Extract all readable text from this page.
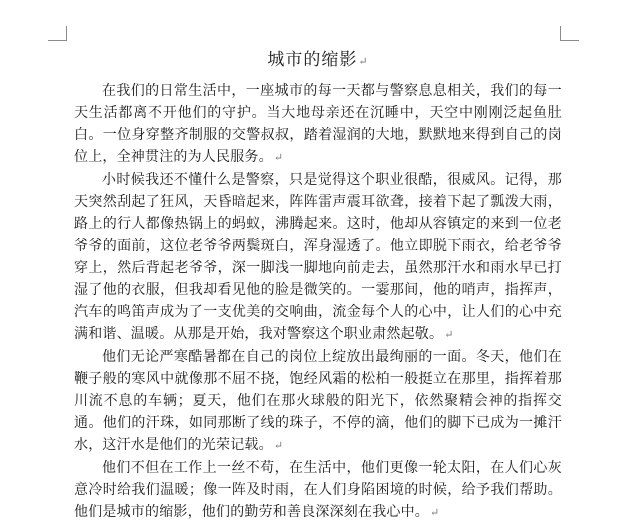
城市的缩影↵

在我们的日常生活中，一座城市的每一天都与警察息息相关，我们的每一天生活都离不开他们的守护。当大地母亲还在沉睡中，天空中刚刚泛起鱼肚白。一位身穿整齐制服的交警叔叔，踏着湿润的大地，默默地来得到自己的岗位上，全神贯注的为人民服务。↵

小时候我还不懂什么是警察，只是觉得这个职业很酷，很威风。记得，那天突然刮起了狂风，天昏暗起来，阵阵雷声震耳欲聋，接着下起了瓢泼大雨，路上的行人都像热锅上的蚂蚁，沸腾起来。这时，他却从容镇定的来到一位老爷爷的面前，这位老爷爷两鬓斑白，浑身湿透了。他立即脱下雨衣，给老爷爷穿上，然后背起老爷爷，深一脚浅一脚地向前走去，虽然那汗水和雨水早已打湿了他的衣服，但我却看见他的脸是微笑的。一霎那间，他的哨声，指挥声，汽车的鸣笛声成为了一支优美的交响曲，流金每个人的心中，让人们的心中充满和谐、温暖。从那是开始，我对警察这个职业肃然起敬。↵

他们无论严寒酷暑都在自己的岗位上绽放出最绚丽的一面。冬天，他们在鞭子般的寒风中就像那不屈不挠，饱经风霜的松柏一般挺立在那里，指挥着那川流不息的车辆；夏天，他们在那火球般的阳光下，依然聚精会神的指挥交通。他们的汗珠，如同那断了线的珠子，不停的滴，他们的脚下已成为一摊汗水，这汗水是他们的光荣记载。↵

他们不但在工作上一丝不苟，在生活中，他们更像一轮太阳，在人们心灰意冷时给我们温暖；像一阵及时雨，在人们身陷困境的时候，给予我们帮助。他们是城市的缩影，他们的勤劳和善良深深刻在我心中。↵
